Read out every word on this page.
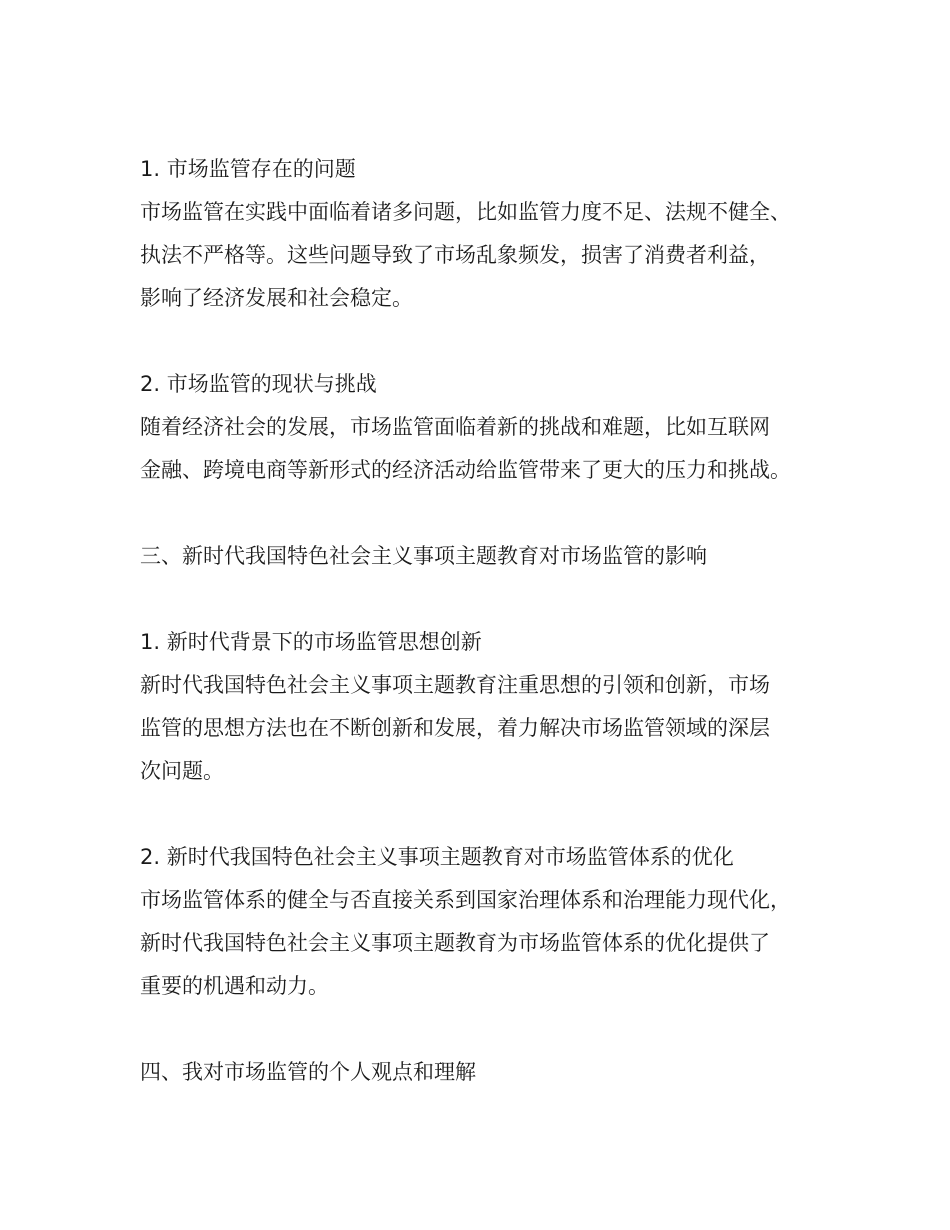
1. 市场监管存在的问题
市场监管在实践中面临着诸多问题，比如监管力度不足、法规不健全、
执法不严格等。这些问题导致了市场乱象频发，损害了消费者利益，
影响了经济发展和社会稳定。
2. 市场监管的现状与挑战
随着经济社会的发展，市场监管面临着新的挑战和难题，比如互联网
金融、跨境电商等新形式的经济活动给监管带来了更大的压力和挑战。
三、新时代我国特色社会主义事项主题教育对市场监管的影响
1. 新时代背景下的市场监管思想创新
新时代我国特色社会主义事项主题教育注重思想的引领和创新，市场
监管的思想方法也在不断创新和发展，着力解决市场监管领域的深层
次问题。
2. 新时代我国特色社会主义事项主题教育对市场监管体系的优化
市场监管体系的健全与否直接关系到国家治理体系和治理能力现代化，
新时代我国特色社会主义事项主题教育为市场监管体系的优化提供了
重要的机遇和动力。
四、我对市场监管的个人观点和理解
